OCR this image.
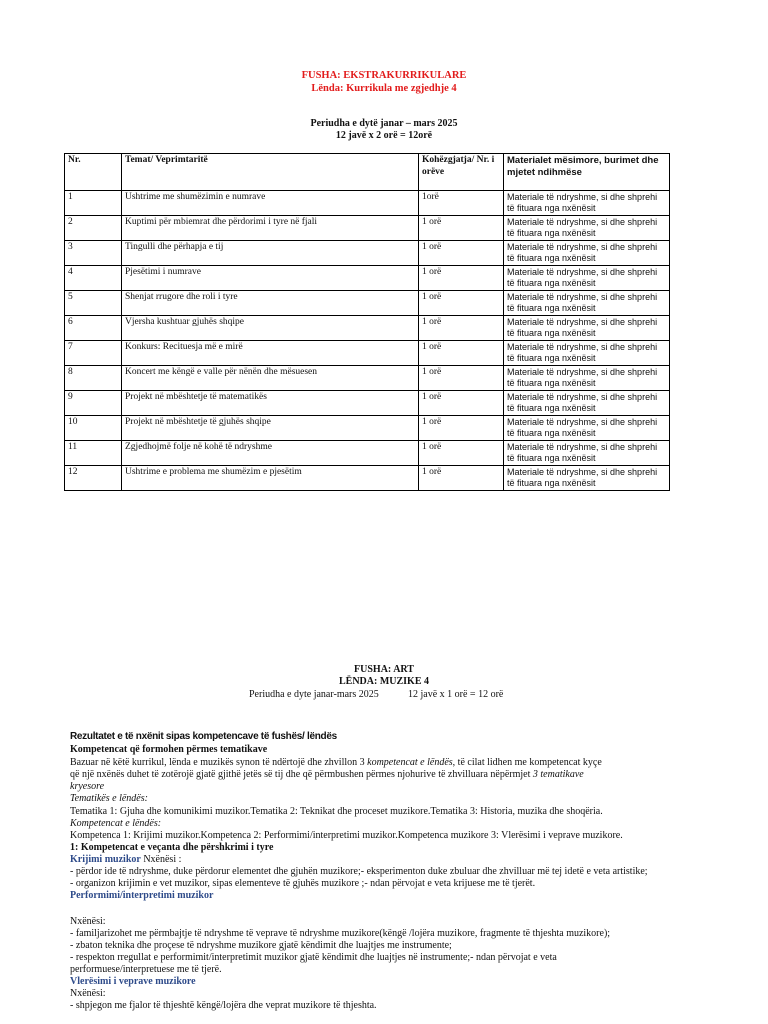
FUSHA: EKSTRAKURRIKULARE
Lënda: Kurrikula me zgjedhje 4
Periudha e dytë janar – mars 2025
12 javë x 2 orë = 12orë
Nr.	Temat/ Veprimtaritë	Kohëzgjatja/ Nr. i orëve	Materialet mësimore, burimet dhe mjetet ndihmëse
1	Ushtrime me shumëzimin e numrave	1orë	Materiale të ndryshme, si dhe shprehi të fituara nga nxënësit
2	Kuptimi për mbiemrat dhe përdorimi i tyre në fjali	1 orë	Materiale të ndryshme, si dhe shprehi të fituara nga nxënësit
3	Tingulli dhe përhapja e tij	1 orë	Materiale të ndryshme, si dhe shprehi të fituara nga nxënësit
4	Pjesëtimi i numrave	1 orë	Materiale të ndryshme, si dhe shprehi të fituara nga nxënësit
5	Shenjat rrugore dhe roli i tyre	1 orë	Materiale të ndryshme, si dhe shprehi të fituara nga nxënësit
6	Vjersha kushtuar gjuhës shqipe	1 orë	Materiale të ndryshme, si dhe shprehi të fituara nga nxënësit
7	Konkurs: Recituesja më e mirë	1 orë	Materiale të ndryshme, si dhe shprehi të fituara nga nxënësit
8	Koncert me këngë e valle për nënën dhe mësuesen	1 orë	Materiale të ndryshme, si dhe shprehi të fituara nga nxënësit
9	Projekt në mbështetje të matematikës	1 orë	Materiale të ndryshme, si dhe shprehi të fituara nga nxënësit
10	Projekt në mbështetje të gjuhës shqipe	1 orë	Materiale të ndryshme, si dhe shprehi të fituara nga nxënësit
11	Zgjedhojmë folje në kohë të ndryshme	1 orë	Materiale të ndryshme, si dhe shprehi të fituara nga nxënësit
12	Ushtrime e problema me shumëzim e pjesëtim	1 orë	Materiale të ndryshme, si dhe shprehi të fituara nga nxënësit
FUSHA: ART
LËNDA: MUZIKE 4
Periudha e dyte janar-mars 2025	12 javë x 1 orë = 12 orë
Rezultatet e të nxënit sipas kompetencave të fushës/ lëndës
Kompetencat që formohen përmes tematikave
Bazuar në këtë kurrikul, lënda e muzikës synon të ndërtojë dhe zhvillon 3 kompetencat e lëndës, të cilat lidhen me kompetencat kyçe
që një nxënës duhet të zotërojë gjatë gjithë jetës së tij dhe që përmbushen përmes njohurive të zhvilluara nëpërmjet 3 tematikave
kryesore
Tematikës e lëndës:
Tematika 1: Gjuha dhe komunikimi muzikor.Tematika 2: Teknikat dhe proceset muzikore.Tematika 3: Historia, muzika dhe shoqëria.
Kompetencat e lëndës:
Kompetenca 1: Krijimi muzikor.Kompetenca 2: Performimi/interpretimi muzikor.Kompetenca muzikore 3: Vlerësimi i veprave muzikore.
1: Kompetencat e veçanta dhe përshkrimi i tyre
Krijimi muzikor Nxënësi :
- përdor ide të ndryshme, duke përdorur elementet dhe gjuhën muzikore;- eksperimenton duke zbuluar dhe zhvilluar më tej idetë e veta artistike;
- organizon krijimin e vet muzikor, sipas elementeve të gjuhës muzikore ;- ndan përvojat e veta krijuese me të tjerët.
Performimi/interpretimi muzikor
Nxënësi:
- familjarizohet me përmbajtje të ndryshme të veprave të ndryshme muzikore(këngë /lojëra muzikore, fragmente të thjeshta muzikore);
- zbaton teknika dhe proçese të ndryshme muzikore gjatë këndimit dhe luajtjes me instrumente;
- respekton rregullat e performimit/interpretimit muzikor gjatë këndimit dhe luajtjes në instrumente;- ndan përvojat e veta
performuese/interpretuese me të tjerë.
Vlerësimi i veprave muzikore
Nxënësi:
- shpjegon me fjalor të thjeshtë këngë/lojëra dhe veprat muzikore të thjeshta.
